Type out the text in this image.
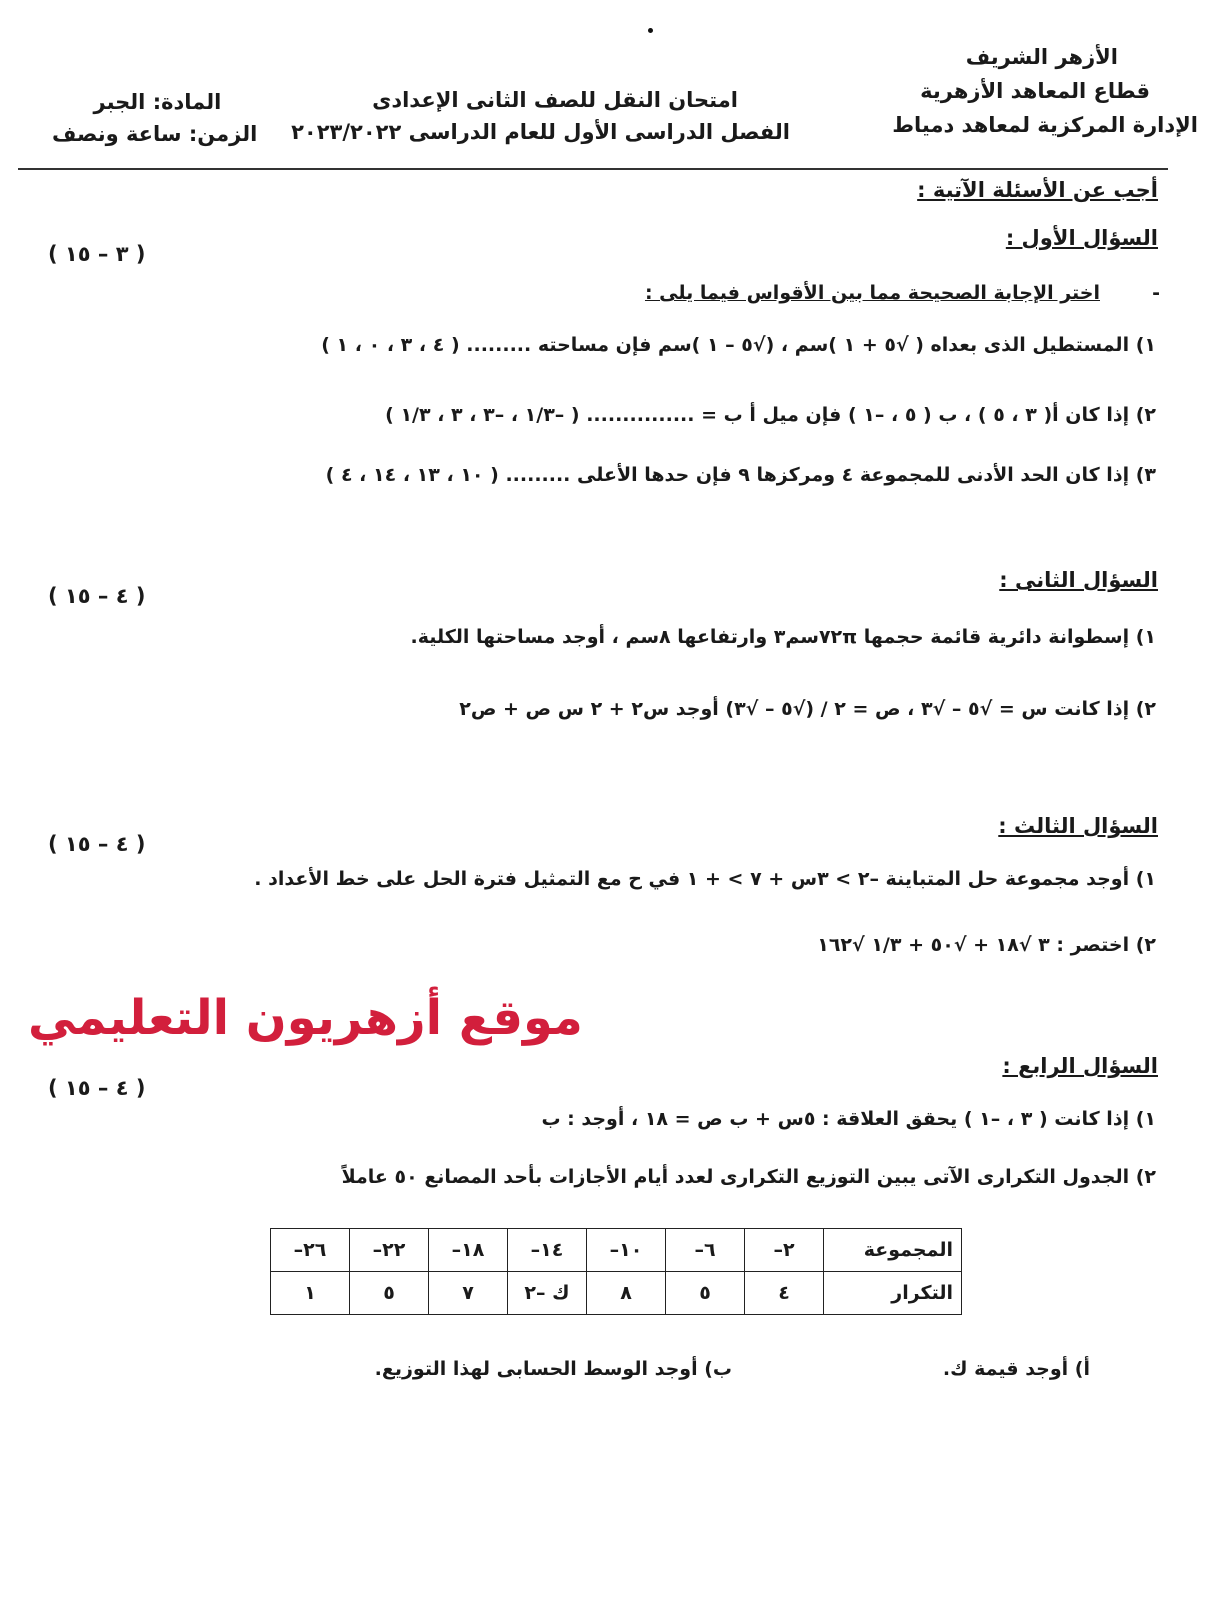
الأزهر الشريف
قطاع المعاهد الأزهرية
الإدارة المركزية لمعاهد دمياط
امتحان النقل للصف الثانى الإعدادى
الفصل الدراسى الأول للعام الدراسى ٢٠٢٣/٢٠٢٢
المادة: الجبر
الزمن: ساعة ونصف
أجب عن الأسئلة الآتية :
السؤال الأول :
( ٣ – ١٥ )
-
اختر الإجابة الصحيحة مما بين الأقواس فيما يلى :
١) المستطيل الذى بعداه ( √٥ + ١ )سم ، (√٥ – ١ )سم فإن مساحته ......... ( ٤ ، ٣ ، ٠ ، ١ )
٢) إذا كان أ( ٣ ، ٥ ) ، ب ( ٥ ، –١ ) فإن ميل أ ب = ............... ( –١/٣ ، –٣ ، ٣ ، ١/٣ )
٣) إذا كان الحد الأدنى للمجموعة ٤ ومركزها ٩ فإن حدها الأعلى ......... ( ١٠ ، ١٣ ، ١٤ ، ٤ )
السؤال الثانى :
( ٤ – ١٥ )
١) إسطوانة دائرية قائمة حجمها ٧٢πسم٣ وارتفاعها ٨سم ، أوجد مساحتها الكلية.
٢) إذا كانت س = √٥ – √٣ ، ص = ٢ / (√٥ – √٣) أوجد س٢ + ٢ س ص + ص٢
السؤال الثالث :
( ٤ – ١٥ )
١) أوجد مجموعة حل المتباينة –٢ > ٣س + ٧ > + ١ في ح مع التمثيل فترة الحل على خط الأعداد .
٢) اختصر : ٣ √١٨ + √٥٠ + ١/٣ √١٦٢
موقع أزهريون التعليمي
السؤال الرابع :
( ٤ – ١٥ )
١) إذا كانت ( ٣ ، –١ ) يحقق العلاقة : ٥س + ب ص = ١٨ ، أوجد : ب
٢) الجدول التكرارى الآتى يبين التوزيع التكرارى لعدد أيام الأجازات بأحد المصانع ٥٠ عاملاً
المجموعة	٢–	٦–	١٠–	١٤–	١٨–	٢٢–	٢٦–
التكرار	٤	٥	٨	ك –٢	٧	٥	١
أ) أوجد قيمة ك.
ب) أوجد الوسط الحسابى لهذا التوزيع.
